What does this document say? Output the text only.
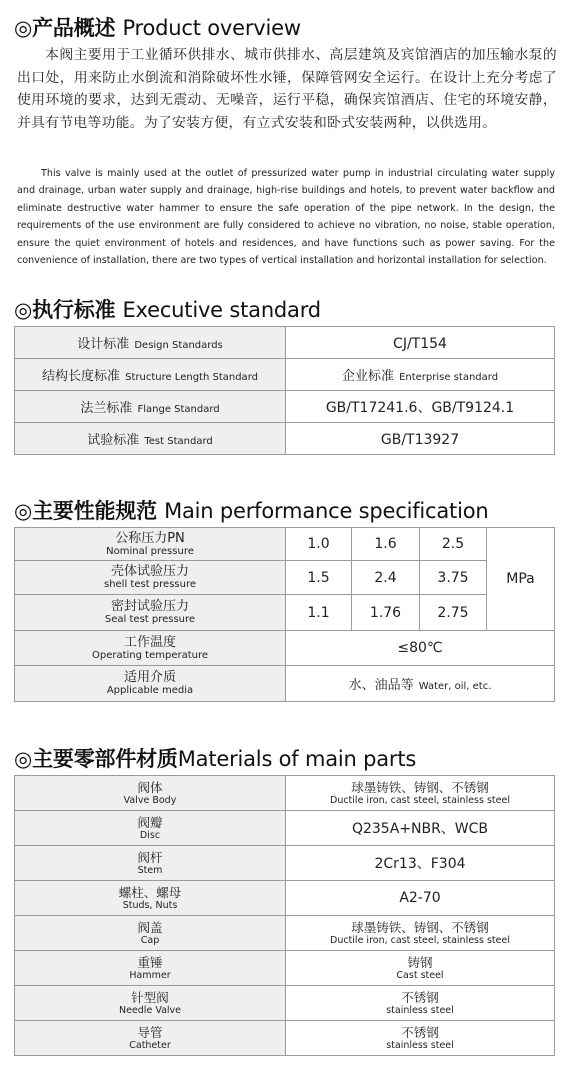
◎产品概述 Product overview
本阀主要用于工业循环供排水、城市供排水、高层建筑及宾馆酒店的加压输水泵的出口处，用来防止水倒流和消除破坏性水锤，保障管网安全运行。在设计上充分考虑了使用环境的要求，达到无震动、无噪音，运行平稳，确保宾馆酒店、住宅的环境安静，并具有节电等功能。为了安装方便，有立式安装和卧式安装两种，以供选用。
This valve is mainly used at the outlet of pressurized water pump in industrial circulating water supply and drainage, urban water supply and drainage, high-rise buildings and hotels, to prevent water backflow and eliminate destructive water hammer to ensure the safe operation of the pipe network. In the design, the requirements of the use environment are fully considered to achieve no vibration, no noise, stable operation, ensure the quiet environment of hotels and residences, and have functions such as power saving. For the convenience of installation, there are two types of vertical installation and horizontal installation for selection.
◎执行标准 Executive standard
设计标准 Design Standards	CJ/T154
结构长度标准 Structure Length Standard	企业标准 Enterprise standard
法兰标准 Flange Standard	GB/T17241.6、GB/T9124.1
试验标准 Test Standard	GB/T13927
◎主要性能规范 Main performance specification
公称压力PN
Nominal pressure	1.0	1.6	2.5	MPa

壳体试验压力
shell test pressure	1.5	2.4	3.75	

密封试验压力
Seal test pressure	1.1	1.76	2.75	

工作温度
Operating temperature	≤80℃			

适用介质
Applicable media	水、油品等 Water, oil, etc.			
◎主要零部件材质Materials of main parts
阀体
Valve Body	球墨铸铁、铸钢、不锈钢
Ductile iron, cast steel, stainless steel

阀瓣
Disc	Q235A+NBR、WCB

阀杆
Stem	2Cr13、F304

螺柱、螺母
Studs, Nuts	A2-70

阀盖
Cap	球墨铸铁、铸钢、不锈钢
Ductile iron, cast steel, stainless steel

重锤
Hammer	铸钢
Cast steel

针型阀
Needle Valve	不锈钢
stainless steel

导管
Catheter	不锈钢
stainless steel
